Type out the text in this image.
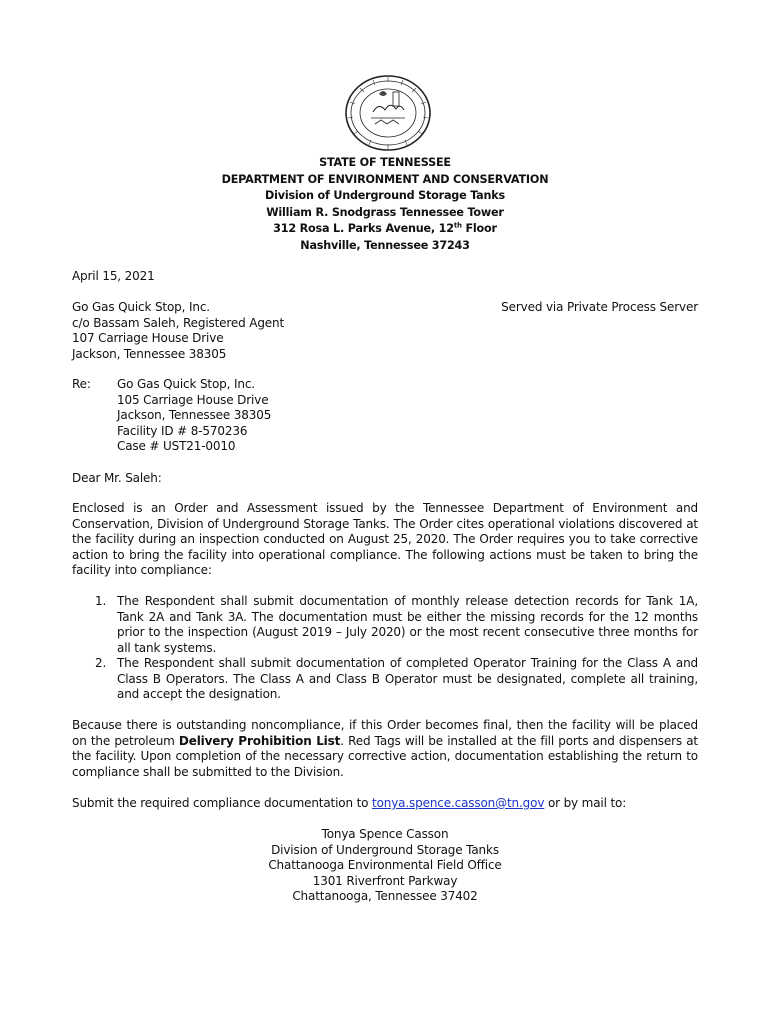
STATE OF TENNESSEE
DEPARTMENT OF ENVIRONMENT AND CONSERVATION
Division of Underground Storage Tanks
William R. Snodgrass Tennessee Tower
312 Rosa L. Parks Avenue, 12th Floor
Nashville, Tennessee 37243
April 15, 2021
Go Gas Quick Stop, Inc.
c/o Bassam Saleh, Registered Agent
107 Carriage House Drive
Jackson, Tennessee 38305
Served via Private Process Server
Re: Go Gas Quick Stop, Inc.
105 Carriage House Drive
Jackson, Tennessee 38305
Facility ID # 8-570236
Case # UST21-0010
Dear Mr. Saleh:
Enclosed is an Order and Assessment issued by the Tennessee Department of Environment and Conservation, Division of Underground Storage Tanks. The Order cites operational violations discovered at the facility during an inspection conducted on August 25, 2020. The Order requires you to take corrective action to bring the facility into operational compliance. The following actions must be taken to bring the facility into compliance:
1. The Respondent shall submit documentation of monthly release detection records for Tank 1A, Tank 2A and Tank 3A. The documentation must be either the missing records for the 12 months prior to the inspection (August 2019 – July 2020) or the most recent consecutive three months for all tank systems.
2. The Respondent shall submit documentation of completed Operator Training for the Class A and Class B Operators. The Class A and Class B Operator must be designated, complete all training, and accept the designation.
Because there is outstanding noncompliance, if this Order becomes final, then the facility will be placed on the petroleum Delivery Prohibition List. Red Tags will be installed at the fill ports and dispensers at the facility. Upon completion of the necessary corrective action, documentation establishing the return to compliance shall be submitted to the Division.
Submit the required compliance documentation to tonya.spence.casson@tn.gov or by mail to:
Tonya Spence Casson
Division of Underground Storage Tanks
Chattanooga Environmental Field Office
1301 Riverfront Parkway
Chattanooga, Tennessee 37402
